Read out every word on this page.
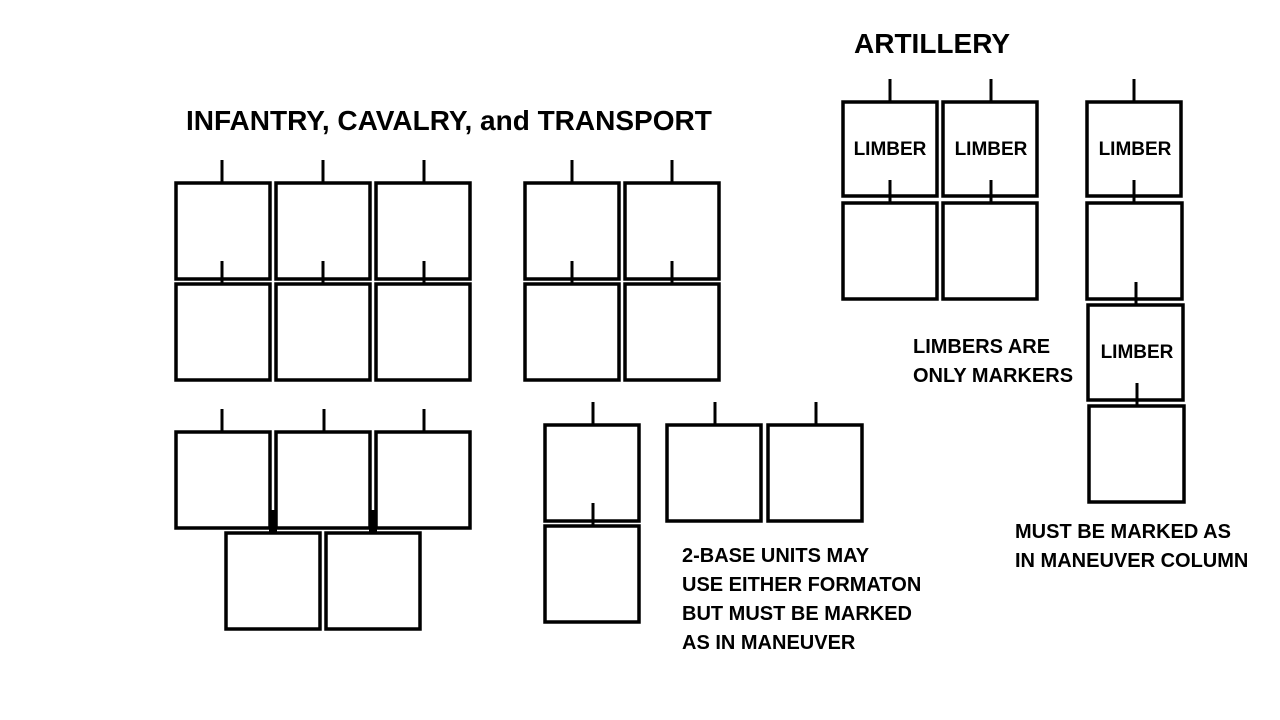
INFANTRY, CAVALRY, and TRANSPORT
ARTILLERY
2-BASE UNITS MAY USE EITHER FORMATON BUT MUST BE MARKED AS IN MANEUVER
LIMBER LIMBER	LIMBER
LIMBER
LIMBERS ARE ONLY MARKERS
MUST BE MARKED AS IN MANEUVER COLUMN
